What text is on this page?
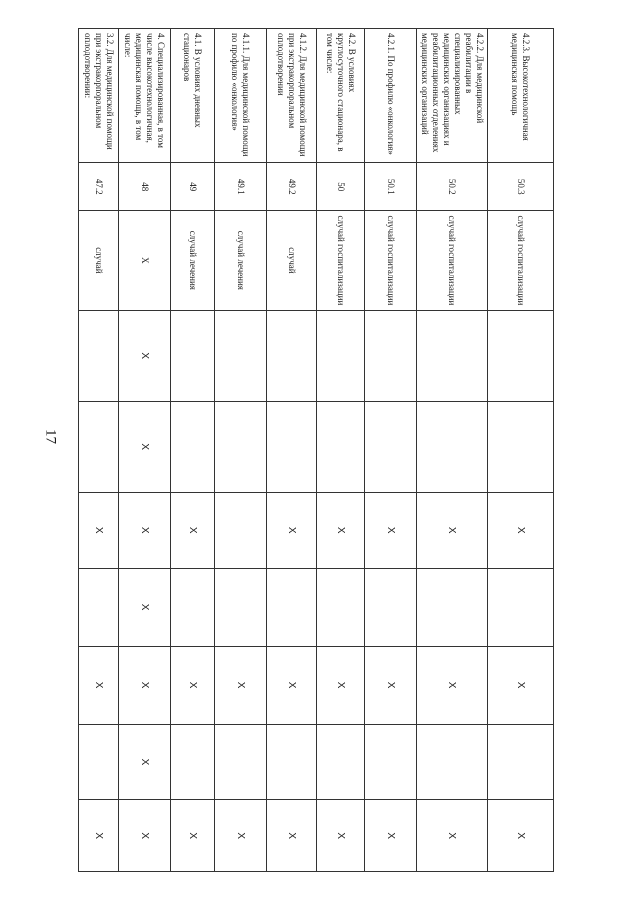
17
4.2.3. Высокотехнологичная медицинская помощь	50.3	случай госпитализации			X		X		X
4.2.2. Для медицинской реабилитации в специализированных медицинских организациях и реабилитационных отделениях медицинских организаций	50.2	случай госпитализации			X		X		X
4.2.1. По профилю «онкология»	50.1	случай госпитализации			X		X		X
4.2. В условиях круглосуточного стационара, в том числе:	50	случай госпитализации			X		X		X
4.1.2. Для медицинской помощи при экстракорпоральном оплодотворении	49.2	случай			X		X		X
4.1.1. Для медицинской помощи по профилю «онкология»	49.1	случай лечения					X		X
4.1. В условиях дневных стационаров	49	случай лечения			X		X		X
4. Специализированная, в том числе высокотехнологичная, медицинская помощь, в том числе:	48	X	X	X	X	X	X	X	X
3.2. Для медицинской помощи при экстракорпоральном оплодотворении:	47.2	случай			X		X		X
